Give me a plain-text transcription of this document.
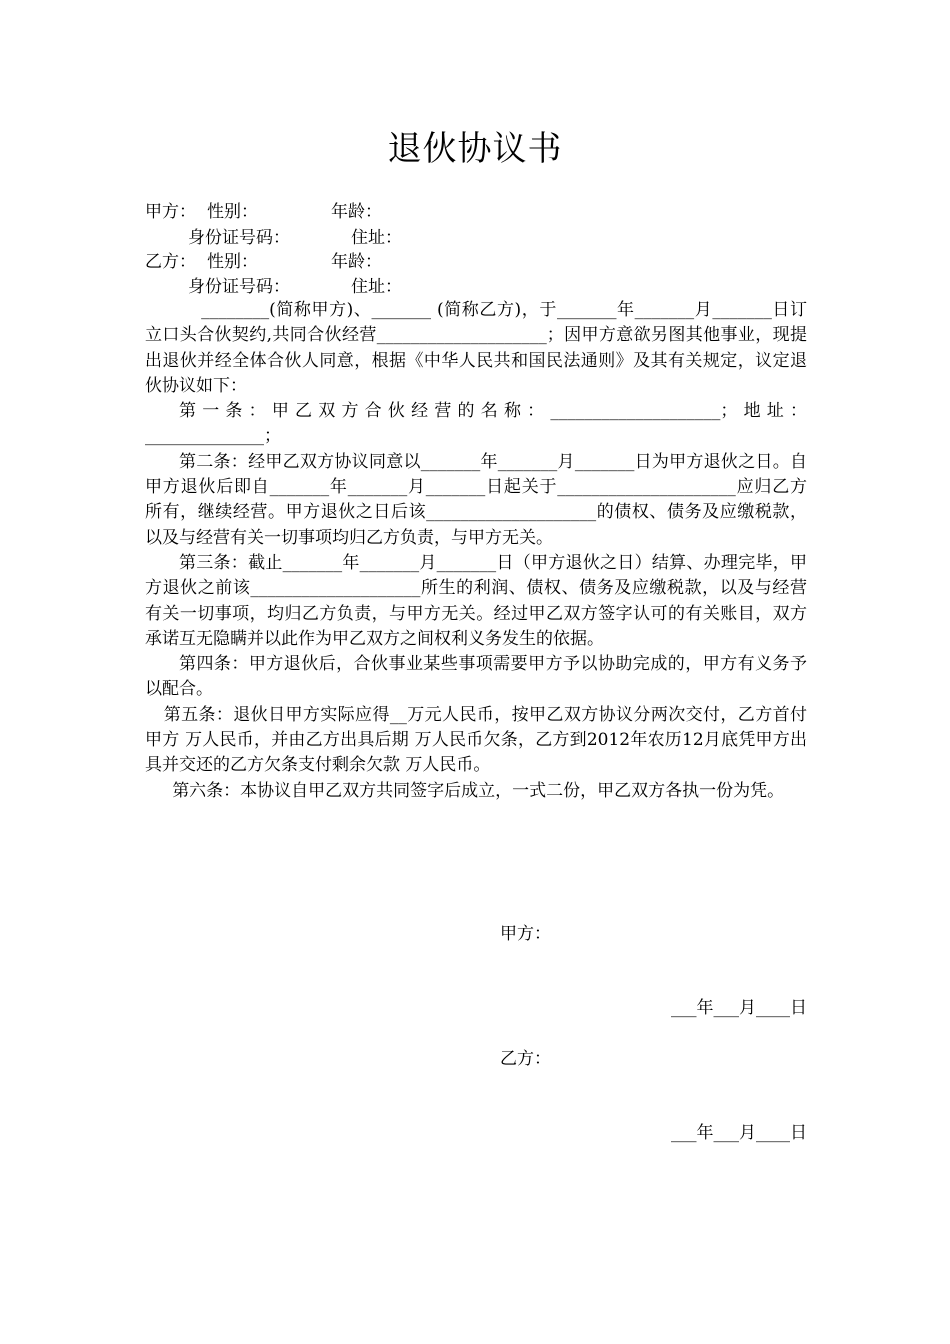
退伙协议书
甲方： 性别：	年龄：
身份证号码：	住址：
乙方： 性别：	年龄：
身份证号码：	住址：

________(简称甲方)、_______ (简称乙方)，于_______年_______月_______日订立口头合伙契约,共同合伙经营____________________；因甲方意欲另图其他事业，现提出退伙并经全体合伙人同意，根据《中华人民共和国民法通则》及其有关规定，议定退伙协议如下：

第一条：甲乙双方合伙经营的名称：____________________；地址：______________；

第二条：经甲乙双方协议同意以_______年_______月_______日为甲方退伙之日。自甲方退伙后即自_______年_______月_______日起关于_____________________应归乙方所有，继续经营。甲方退伙之日后该____________________的债权、债务及应缴税款，以及与经营有关一切事项均归乙方负责，与甲方无关。

第三条：截止_______年_______月_______日（甲方退伙之日）结算、办理完毕，甲方退伙之前该____________________所生的利润、债权、债务及应缴税款，以及与经营有关一切事项，均归乙方负责，与甲方无关。经过甲乙双方签字认可的有关账目，双方承诺互无隐瞒并以此作为甲乙双方之间权利义务发生的依据。

第四条：甲方退伙后，合伙事业某些事项需要甲方予以协助完成的，甲方有义务予以配合。

第五条：退伙日甲方实际应得__万元人民币，按甲乙双方协议分两次交付，乙方首付甲方 万人民币，并由乙方出具后期 万人民币欠条，乙方到2012年农历12月底凭甲方出具并交还的乙方欠条支付剩余欠款 万人民币。

第六条：本协议自甲乙双方共同签字后成立，一式二份，甲乙双方各执一份为凭。

甲方：
___年___月____日
乙方：
___年___月____日
